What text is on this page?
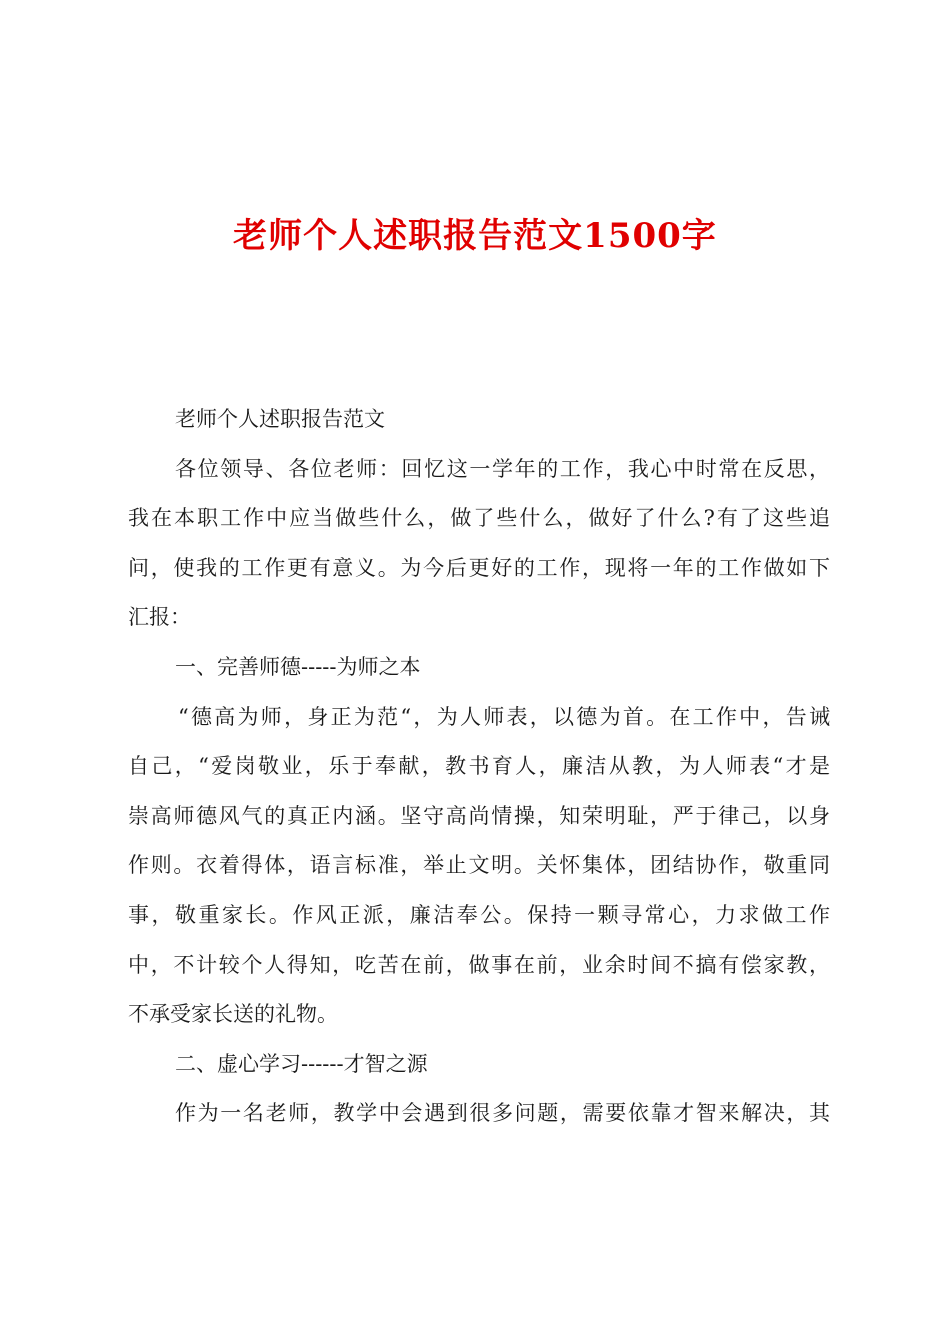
老师个人述职报告范文1500字

老师个人述职报告范文

各位领导、各位老师：回忆这一学年的工作，我心中时常在反思，
我在本职工作中应当做些什么，做了些什么，做好了什么?有了这些追
问，使我的工作更有意义。为今后更好的工作，现将一年的工作做如下
汇报：

一、完善师德-----为师之本

“德高为师，身正为范“，为人师表，以德为首。在工作中，告诫
自己，“爱岗敬业，乐于奉献，教书育人，廉洁从教，为人师表“才是
崇高师德风气的真正内涵。坚守高尚情操，知荣明耻，严于律己，以身
作则。衣着得体，语言标准，举止文明。关怀集体，团结协作，敬重同
事，敬重家长。作风正派，廉洁奉公。保持一颗寻常心，力求做工作
中，不计较个人得知，吃苦在前，做事在前，业余时间不搞有偿家教，
不承受家长送的礼物。

二、虚心学习------才智之源

作为一名老师，教学中会遇到很多问题，需要依靠才智来解决，其
